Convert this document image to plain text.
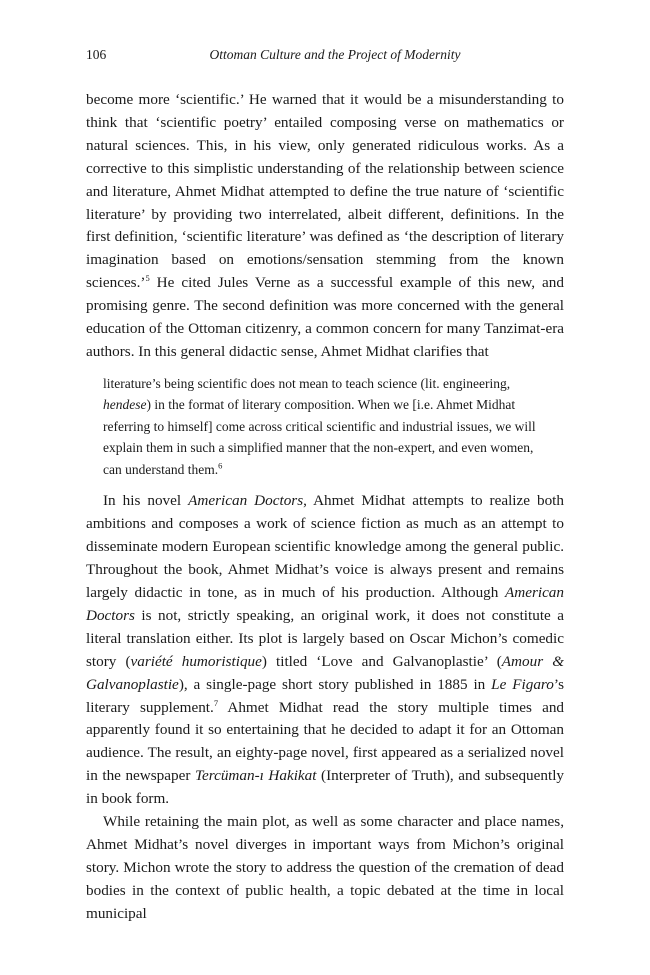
106	Ottoman Culture and the Project of Modernity

become more ‘scientific.’ He warned that it would be a misunderstanding to think that ‘scientific poetry’ entailed composing verse on mathematics or natural sciences. This, in his view, only generated ridiculous works. As a corrective to this simplistic understanding of the relationship between science and literature, Ahmet Midhat attempted to define the true nature of ‘scientific literature’ by providing two interrelated, albeit different, definitions. In the first definition, ‘scientific literature’ was defined as ‘the description of literary imagination based on emotions/sensation stemming from the known sciences.’$^5$ He cited Jules Verne as a successful example of this new, and promising genre. The second definition was more concerned with the general education of the Ottoman citizenry, a common concern for many Tanzimat-era authors. In this general didactic sense, Ahmet Midhat clarifies that

literature’s being scientific does not mean to teach science (lit. engineering, hendese) in the format of literary composition. When we [i.e. Ahmet Midhat referring to himself] come across critical scientific and industrial issues, we will explain them in such a simplified manner that the non-expert, and even women, can understand them.$^6$

In his novel American Doctors, Ahmet Midhat attempts to realize both ambitions and composes a work of science fiction as much as an attempt to disseminate modern European scientific knowledge among the general public. Throughout the book, Ahmet Midhat’s voice is always present and remains largely didactic in tone, as in much of his production. Although American Doctors is not, strictly speaking, an original work, it does not constitute a literal translation either. Its plot is largely based on Oscar Michon’s comedic story (variété humoristique) titled ‘Love and Galvanoplastie’ (Amour & Galvanoplastie), a single-page short story published in 1885 in Le Figaro’s literary supplement.$^7$ Ahmet Midhat read the story multiple times and apparently found it so entertaining that he decided to adapt it for an Ottoman audience. The result, an eighty-page novel, first appeared as a serialized novel in the newspaper Tercüman-ı Hakikat (Interpreter of Truth), and subsequently in book form.

While retaining the main plot, as well as some character and place names, Ahmet Midhat’s novel diverges in important ways from Michon’s original story. Michon wrote the story to address the question of the cremation of dead bodies in the context of public health, a topic debated at the time in local municipal
